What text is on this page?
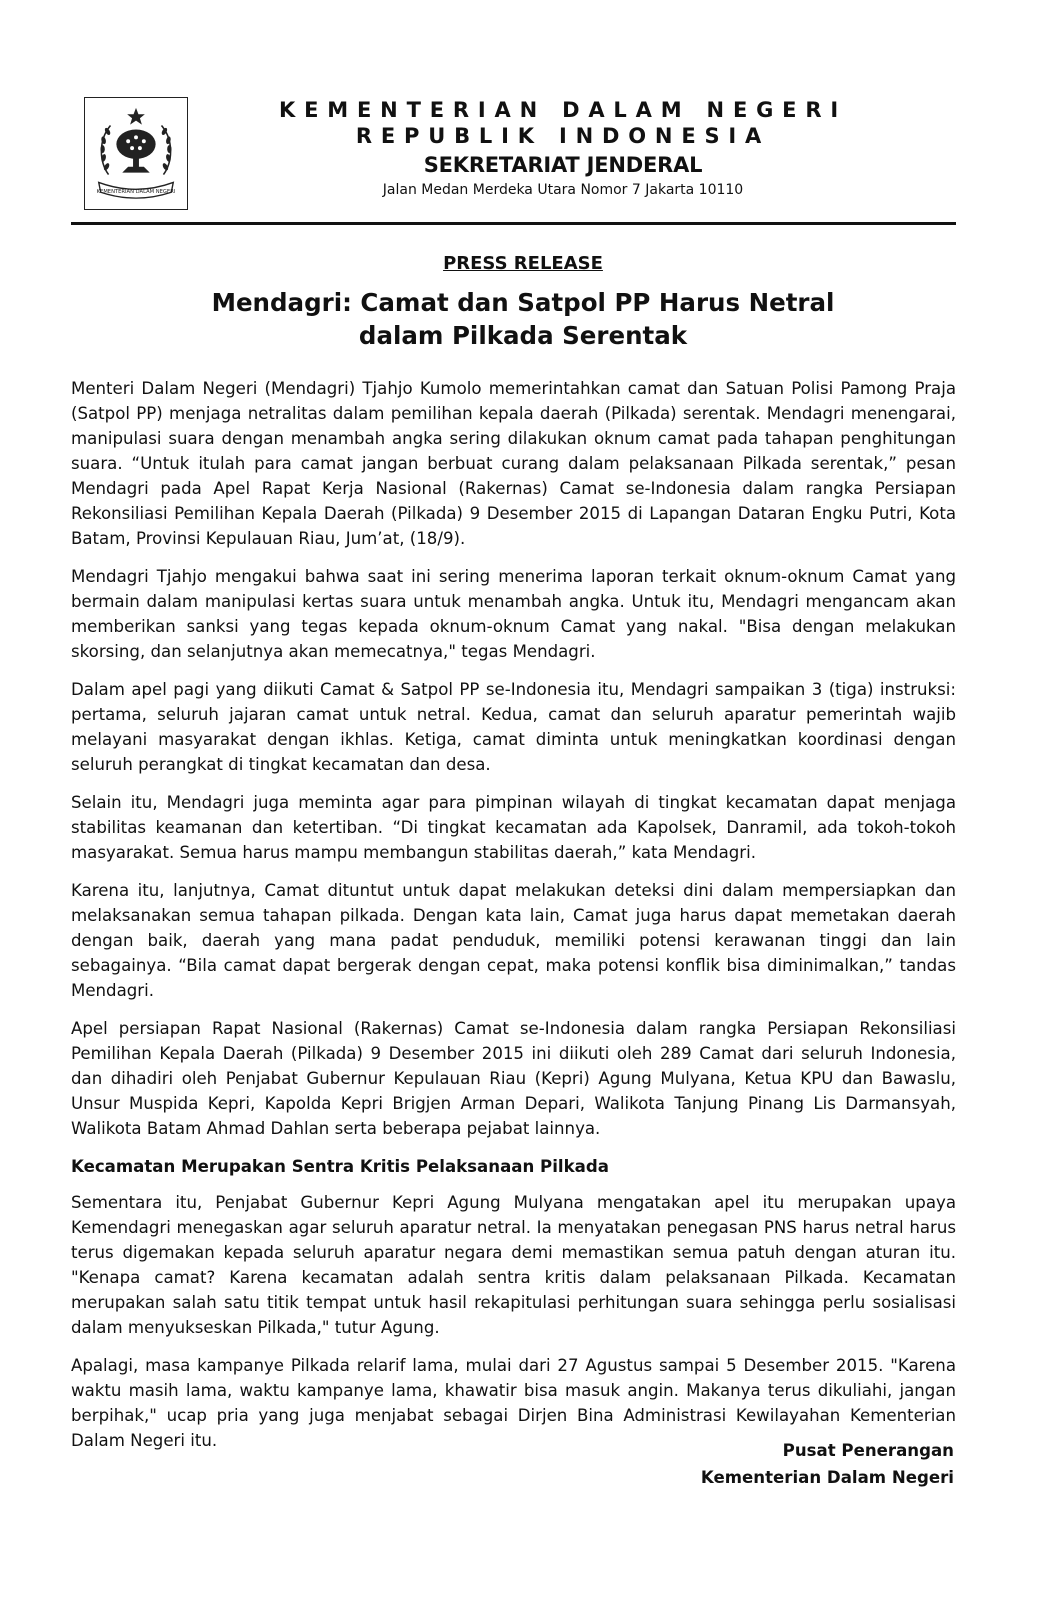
KEMENTERIAN DALAM NEGERI
KEMENTERIAN DALAM NEGERI
REPUBLIK INDONESIA
SEKRETARIAT JENDERAL
Jalan Medan Merdeka Utara Nomor 7 Jakarta 10110
PRESS RELEASE
Mendagri: Camat dan Satpol PP Harus Netral
dalam Pilkada Serentak

Menteri Dalam Negeri (Mendagri) Tjahjo Kumolo memerintahkan camat dan Satuan Polisi Pamong Praja (Satpol PP) menjaga netralitas dalam pemilihan kepala daerah (Pilkada) serentak. Mendagri menengarai, manipulasi suara dengan menambah angka sering dilakukan oknum camat pada tahapan penghitungan suara. “Untuk itulah para camat jangan berbuat curang dalam pelaksanaan Pilkada serentak,” pesan Mendagri pada Apel Rapat Kerja Nasional (Rakernas) Camat se-Indonesia dalam rangka Persiapan Rekonsiliasi Pemilihan Kepala Daerah (Pilkada) 9 Desember 2015 di Lapangan Dataran Engku Putri, Kota Batam, Provinsi Kepulauan Riau, Jum’at, (18/9).

Mendagri Tjahjo mengakui bahwa saat ini sering menerima laporan terkait oknum-oknum Camat yang bermain dalam manipulasi kertas suara untuk menambah angka. Untuk itu, Mendagri mengancam akan memberikan sanksi yang tegas kepada oknum-oknum Camat yang nakal. "Bisa dengan melakukan skorsing, dan selanjutnya akan memecatnya," tegas Mendagri.

Dalam apel pagi yang diikuti Camat & Satpol PP se-Indonesia itu, Mendagri sampaikan 3 (tiga) instruksi: pertama, seluruh jajaran camat untuk netral. Kedua, camat dan seluruh aparatur pemerintah wajib melayani masyarakat dengan ikhlas. Ketiga, camat diminta untuk meningkatkan koordinasi dengan seluruh perangkat di tingkat kecamatan dan desa.

Selain itu, Mendagri juga meminta agar para pimpinan wilayah di tingkat kecamatan dapat menjaga stabilitas keamanan dan ketertiban. “Di tingkat kecamatan ada Kapolsek, Danramil, ada tokoh-tokoh masyarakat. Semua harus mampu membangun stabilitas daerah,” kata Mendagri.

Karena itu, lanjutnya, Camat dituntut untuk dapat melakukan deteksi dini dalam mempersiapkan dan melaksanakan semua tahapan pilkada. Dengan kata lain, Camat juga harus dapat memetakan daerah dengan baik, daerah yang mana padat penduduk, memiliki potensi kerawanan tinggi dan lain sebagainya. “Bila camat dapat bergerak dengan cepat, maka potensi konflik bisa diminimalkan,” tandas Mendagri.

Apel persiapan Rapat Nasional (Rakernas) Camat se-Indonesia dalam rangka Persiapan Rekonsiliasi Pemilihan Kepala Daerah (Pilkada) 9 Desember 2015 ini diikuti oleh 289 Camat dari seluruh Indonesia, dan dihadiri oleh Penjabat Gubernur Kepulauan Riau (Kepri) Agung Mulyana, Ketua KPU dan Bawaslu, Unsur Muspida Kepri, Kapolda Kepri Brigjen Arman Depari, Walikota Tanjung Pinang Lis Darmansyah, Walikota Batam Ahmad Dahlan serta beberapa pejabat lainnya.

Kecamatan Merupakan Sentra Kritis Pelaksanaan Pilkada

Sementara itu, Penjabat Gubernur Kepri Agung Mulyana mengatakan apel itu merupakan upaya Kemendagri menegaskan agar seluruh aparatur netral. Ia menyatakan penegasan PNS harus netral harus terus digemakan kepada seluruh aparatur negara demi memastikan semua patuh dengan aturan itu. "Kenapa camat? Karena kecamatan adalah sentra kritis dalam pelaksanaan Pilkada. Kecamatan merupakan salah satu titik tempat untuk hasil rekapitulasi perhitungan suara sehingga perlu sosialisasi dalam menyukseskan Pilkada," tutur Agung.

Apalagi, masa kampanye Pilkada relarif lama, mulai dari 27 Agustus sampai 5 Desember 2015. "Karena waktu masih lama, waktu kampanye lama, khawatir bisa masuk angin. Makanya terus dikuliahi, jangan berpihak," ucap pria yang juga menjabat sebagai Dirjen Bina Administrasi Kewilayahan Kementerian Dalam Negeri itu.

Pusat Penerangan
Kementerian Dalam Negeri
